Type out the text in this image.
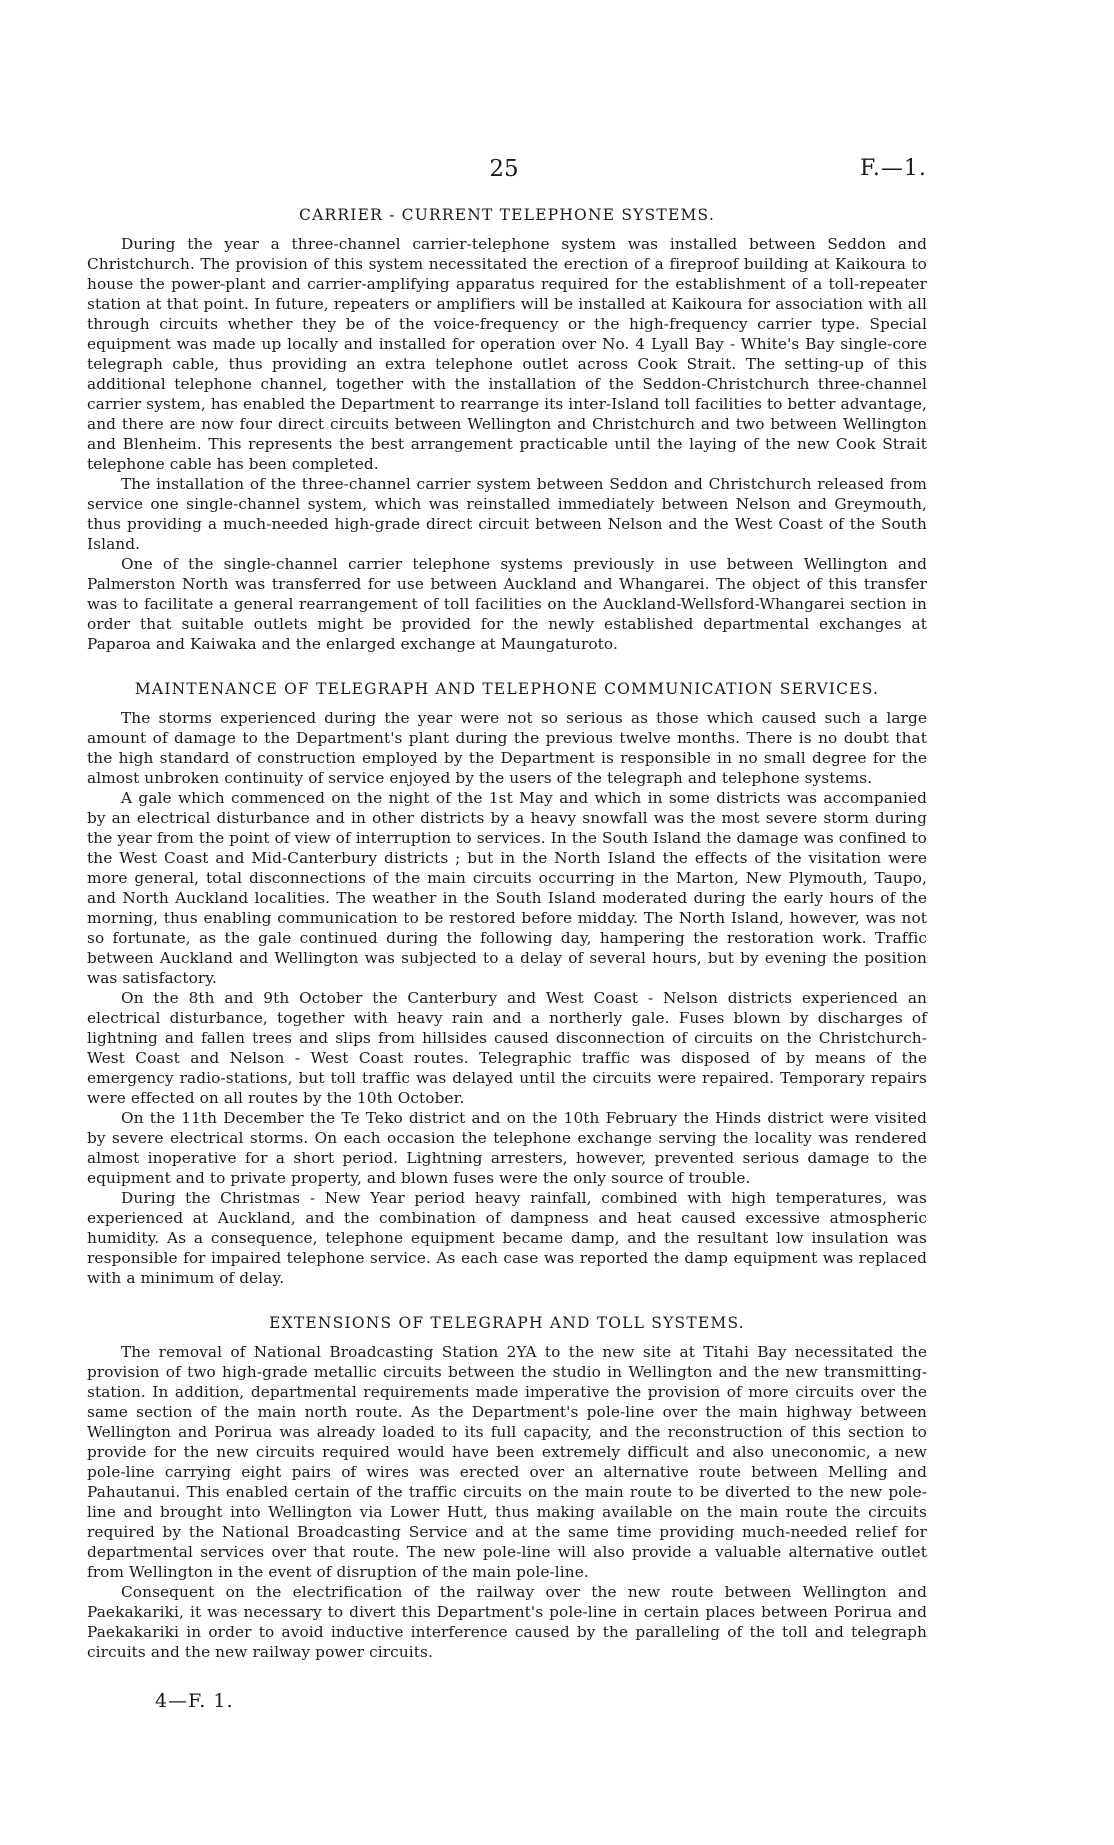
25	F.—1.
CARRIER - CURRENT TELEPHONE SYSTEMS.

During the year a three-channel carrier-telephone system was installed between Seddon and Christchurch. The provision of this system necessitated the erection of a fireproof building at Kaikoura to house the power-plant and carrier-amplifying apparatus required for the establishment of a toll-repeater station at that point. In future, repeaters or amplifiers will be installed at Kaikoura for association with all through circuits whether they be of the voice-frequency or the high-frequency carrier type. Special equipment was made up locally and installed for operation over No. 4 Lyall Bay - White's Bay single-core telegraph cable, thus providing an extra telephone outlet across Cook Strait. The setting-up of this additional telephone channel, together with the installation of the Seddon-Christchurch three-channel carrier system, has enabled the Department to rearrange its inter-Island toll facilities to better advantage, and there are now four direct circuits between Wellington and Christchurch and two between Wellington and Blenheim. This represents the best arrangement practicable until the laying of the new Cook Strait telephone cable has been completed.

The installation of the three-channel carrier system between Seddon and Christchurch released from service one single-channel system, which was reinstalled immediately between Nelson and Greymouth, thus providing a much-needed high-grade direct circuit between Nelson and the West Coast of the South Island.

One of the single-channel carrier telephone systems previously in use between Wellington and Palmerston North was transferred for use between Auckland and Whangarei. The object of this transfer was to facilitate a general rearrangement of toll facilities on the Auckland-Wellsford-Whangarei section in order that suitable outlets might be provided for the newly established departmental exchanges at Paparoa and Kaiwaka and the enlarged exchange at Maungaturoto.

MAINTENANCE OF TELEGRAPH AND TELEPHONE COMMUNICATION SERVICES.

The storms experienced during the year were not so serious as those which caused such a large amount of damage to the Department's plant during the previous twelve months. There is no doubt that the high standard of construction employed by the Department is responsible in no small degree for the almost unbroken continuity of service enjoyed by the users of the telegraph and telephone systems.

A gale which commenced on the night of the 1st May and which in some districts was accompanied by an electrical disturbance and in other districts by a heavy snowfall was the most severe storm during the year from the point of view of interruption to services. In the South Island the damage was confined to the West Coast and Mid-Canterbury districts ; but in the North Island the effects of the visitation were more general, total disconnections of the main circuits occurring in the Marton, New Plymouth, Taupo, and North Auckland localities. The weather in the South Island moderated during the early hours of the morning, thus enabling communication to be restored before midday. The North Island, however, was not so fortunate, as the gale continued during the following day, hampering the restoration work. Traffic between Auckland and Wellington was subjected to a delay of several hours, but by evening the position was satisfactory.

On the 8th and 9th October the Canterbury and West Coast - Nelson districts experienced an electrical disturbance, together with heavy rain and a northerly gale. Fuses blown by discharges of lightning and fallen trees and slips from hillsides caused disconnection of circuits on the Christchurch-West Coast and Nelson - West Coast routes. Telegraphic traffic was disposed of by means of the emergency radio-stations, but toll traffic was delayed until the circuits were repaired. Temporary repairs were effected on all routes by the 10th October.

On the 11th December the Te Teko district and on the 10th February the Hinds district were visited by severe electrical storms. On each occasion the telephone exchange serving the locality was rendered almost inoperative for a short period. Lightning arresters, however, prevented serious damage to the equipment and to private property, and blown fuses were the only source of trouble.

During the Christmas - New Year period heavy rainfall, combined with high temperatures, was experienced at Auckland, and the combination of dampness and heat caused excessive atmospheric humidity. As a consequence, telephone equipment became damp, and the resultant low insulation was responsible for impaired telephone service. As each case was reported the damp equipment was replaced with a minimum of delay.

EXTENSIONS OF TELEGRAPH AND TOLL SYSTEMS.

The removal of National Broadcasting Station 2YA to the new site at Titahi Bay necessitated the provision of two high-grade metallic circuits between the studio in Wellington and the new transmitting-station. In addition, departmental requirements made imperative the provision of more circuits over the same section of the main north route. As the Department's pole-line over the main highway between Wellington and Porirua was already loaded to its full capacity, and the reconstruction of this section to provide for the new circuits required would have been extremely difficult and also uneconomic, a new pole-line carrying eight pairs of wires was erected over an alternative route between Melling and Pahautanui. This enabled certain of the traffic circuits on the main route to be diverted to the new pole-line and brought into Wellington via Lower Hutt, thus making available on the main route the circuits required by the National Broadcasting Service and at the same time providing much-needed relief for departmental services over that route. The new pole-line will also provide a valuable alternative outlet from Wellington in the event of disruption of the main pole-line.

Consequent on the electrification of the railway over the new route between Wellington and Paekakariki, it was necessary to divert this Department's pole-line in certain places between Porirua and Paekakariki in order to avoid inductive interference caused by the paralleling of the toll and telegraph circuits and the new railway power circuits.

4—F. 1.
